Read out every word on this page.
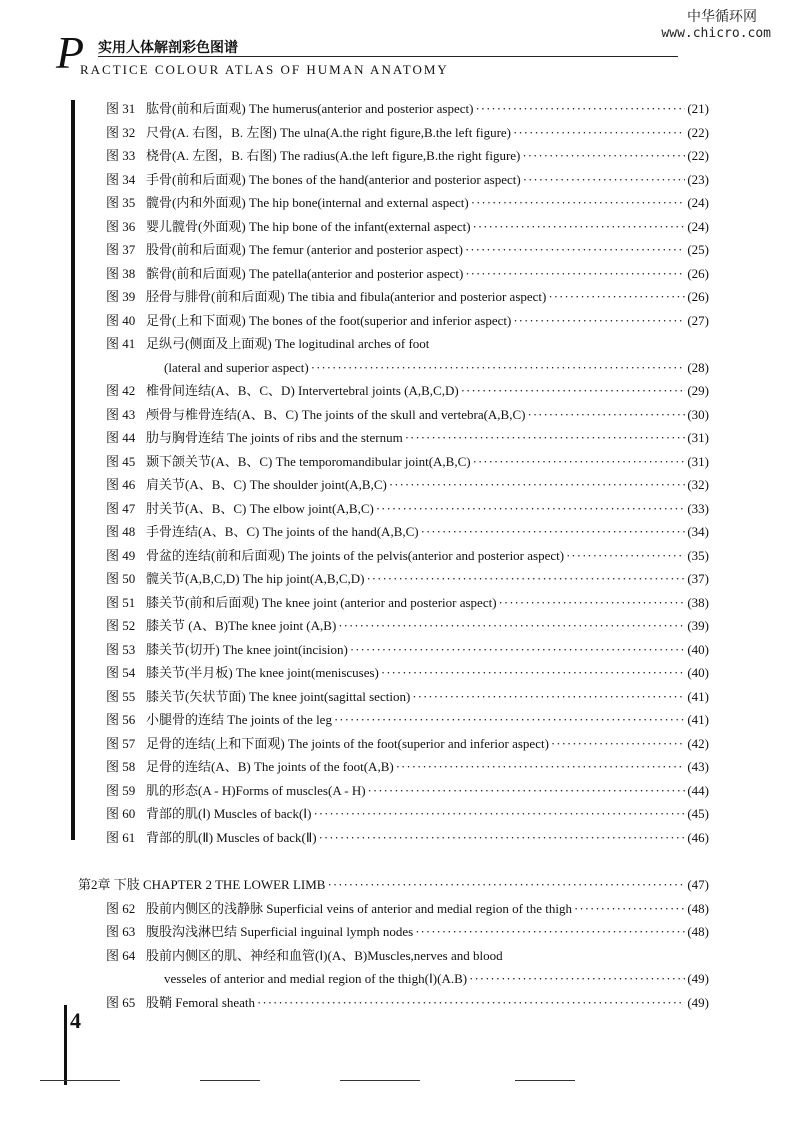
中华循环网
www.chicro.com
P 实用人体解剖彩色图谱
RACTICE COLOUR ATLAS OF HUMAN ANATOMY
图 31 肱骨(前和后面观) The humerus(anterior and posterior aspect) ·····	(21)
图 32 尺骨(A. 右图，B. 左图) The ulna(A.the right figure,B.the left figure) ·····	(22)
图 33 桡骨(A. 左图，B. 右图) The radius(A.the left figure,B.the right figure) ·····	(22)
图 34 手骨(前和后面观) The bones of the hand(anterior and posterior aspect) ·····	(23)
图 35 髋骨(内和外面观) The hip bone(internal and external aspect) ·····	(24)
图 36 婴儿髋骨(外面观) The hip bone of the infant(external aspect) ·····	(24)
图 37 股骨(前和后面观) The femur (anterior and posterior aspect) ·····	(25)
图 38 髌骨(前和后面观) The patella(anterior and posterior aspect) ·····	(26)
图 39 胫骨与腓骨(前和后面观) The tibia and fibula(anterior and posterior aspect) ·····	(26)
图 40 足骨(上和下面观) The bones of the foot(superior and inferior aspect) ·····	(27)
图 41 足纵弓(侧面及上面观) The logitudinal arches of foot
(lateral and superior aspect) ·····	(28)
图 42 椎骨间连结(A、B、C、D) Intervertebral joints (A,B,C,D) ·····	(29)
图 43 颅骨与椎骨连结(A、B、C) The joints of the skull and vertebra(A,B,C) ·····	(30)
图 44 肋与胸骨连结 The joints of ribs and the sternum ·····	(31)
图 45 颞下颌关节(A、B、C) The temporomandibular joint(A,B,C) ·····	(31)
图 46 肩关节(A、B、C) The shoulder joint(A,B,C) ·····	(32)
图 47 肘关节(A、B、C) The elbow joint(A,B,C) ·····	(33)
图 48 手骨连结(A、B、C) The joints of the hand(A,B,C) ·····	(34)
图 49 骨盆的连结(前和后面观) The joints of the pelvis(anterior and posterior aspect) ·····	(35)
图 50 髋关节(A,B,C,D) The hip joint(A,B,C,D) ·····	(37)
图 51 膝关节(前和后面观) The knee joint (anterior and posterior aspect) ·····	(38)
图 52 膝关节 (A、B)The knee joint (A,B) ·····	(39)
图 53 膝关节(切开) The knee joint(incision) ·····	(40)
图 54 膝关节(半月板) The knee joint(meniscuses) ·····	(40)
图 55 膝关节(矢状节面) The knee joint(sagittal section) ·····	(41)
图 56 小腿骨的连结 The joints of the leg ·····	(41)
图 57 足骨的连结(上和下面观) The joints of the foot(superior and inferior aspect) ·····	(42)
图 58 足骨的连结(A、B) The joints of the foot(A,B) ·····	(43)
图 59 肌的形态(A - H)Forms of muscles(A - H) ·····	(44)
图 60 背部的肌(Ⅰ) Muscles of back(Ⅰ) ·····	(45)
图 61 背部的肌(Ⅱ) Muscles of back(Ⅱ) ·····	(46)
第2章 下肢 CHAPTER 2 THE LOWER LIMB ·····	(47)
图 62 股前内侧区的浅静脉 Superficial veins of anterior and medial region of the thigh ·····	(48)
图 63 腹股沟浅淋巴结 Superficial inguinal lymph nodes ·····	(48)
图 64 股前内侧区的肌、神经和血管(Ⅰ)(A、B)Muscles,nerves and blood
vesseles of anterior and medial region of the thigh(Ⅰ)(A.B) ·····	(49)
图 65 股鞘 Femoral sheath ·····	(49)
4
